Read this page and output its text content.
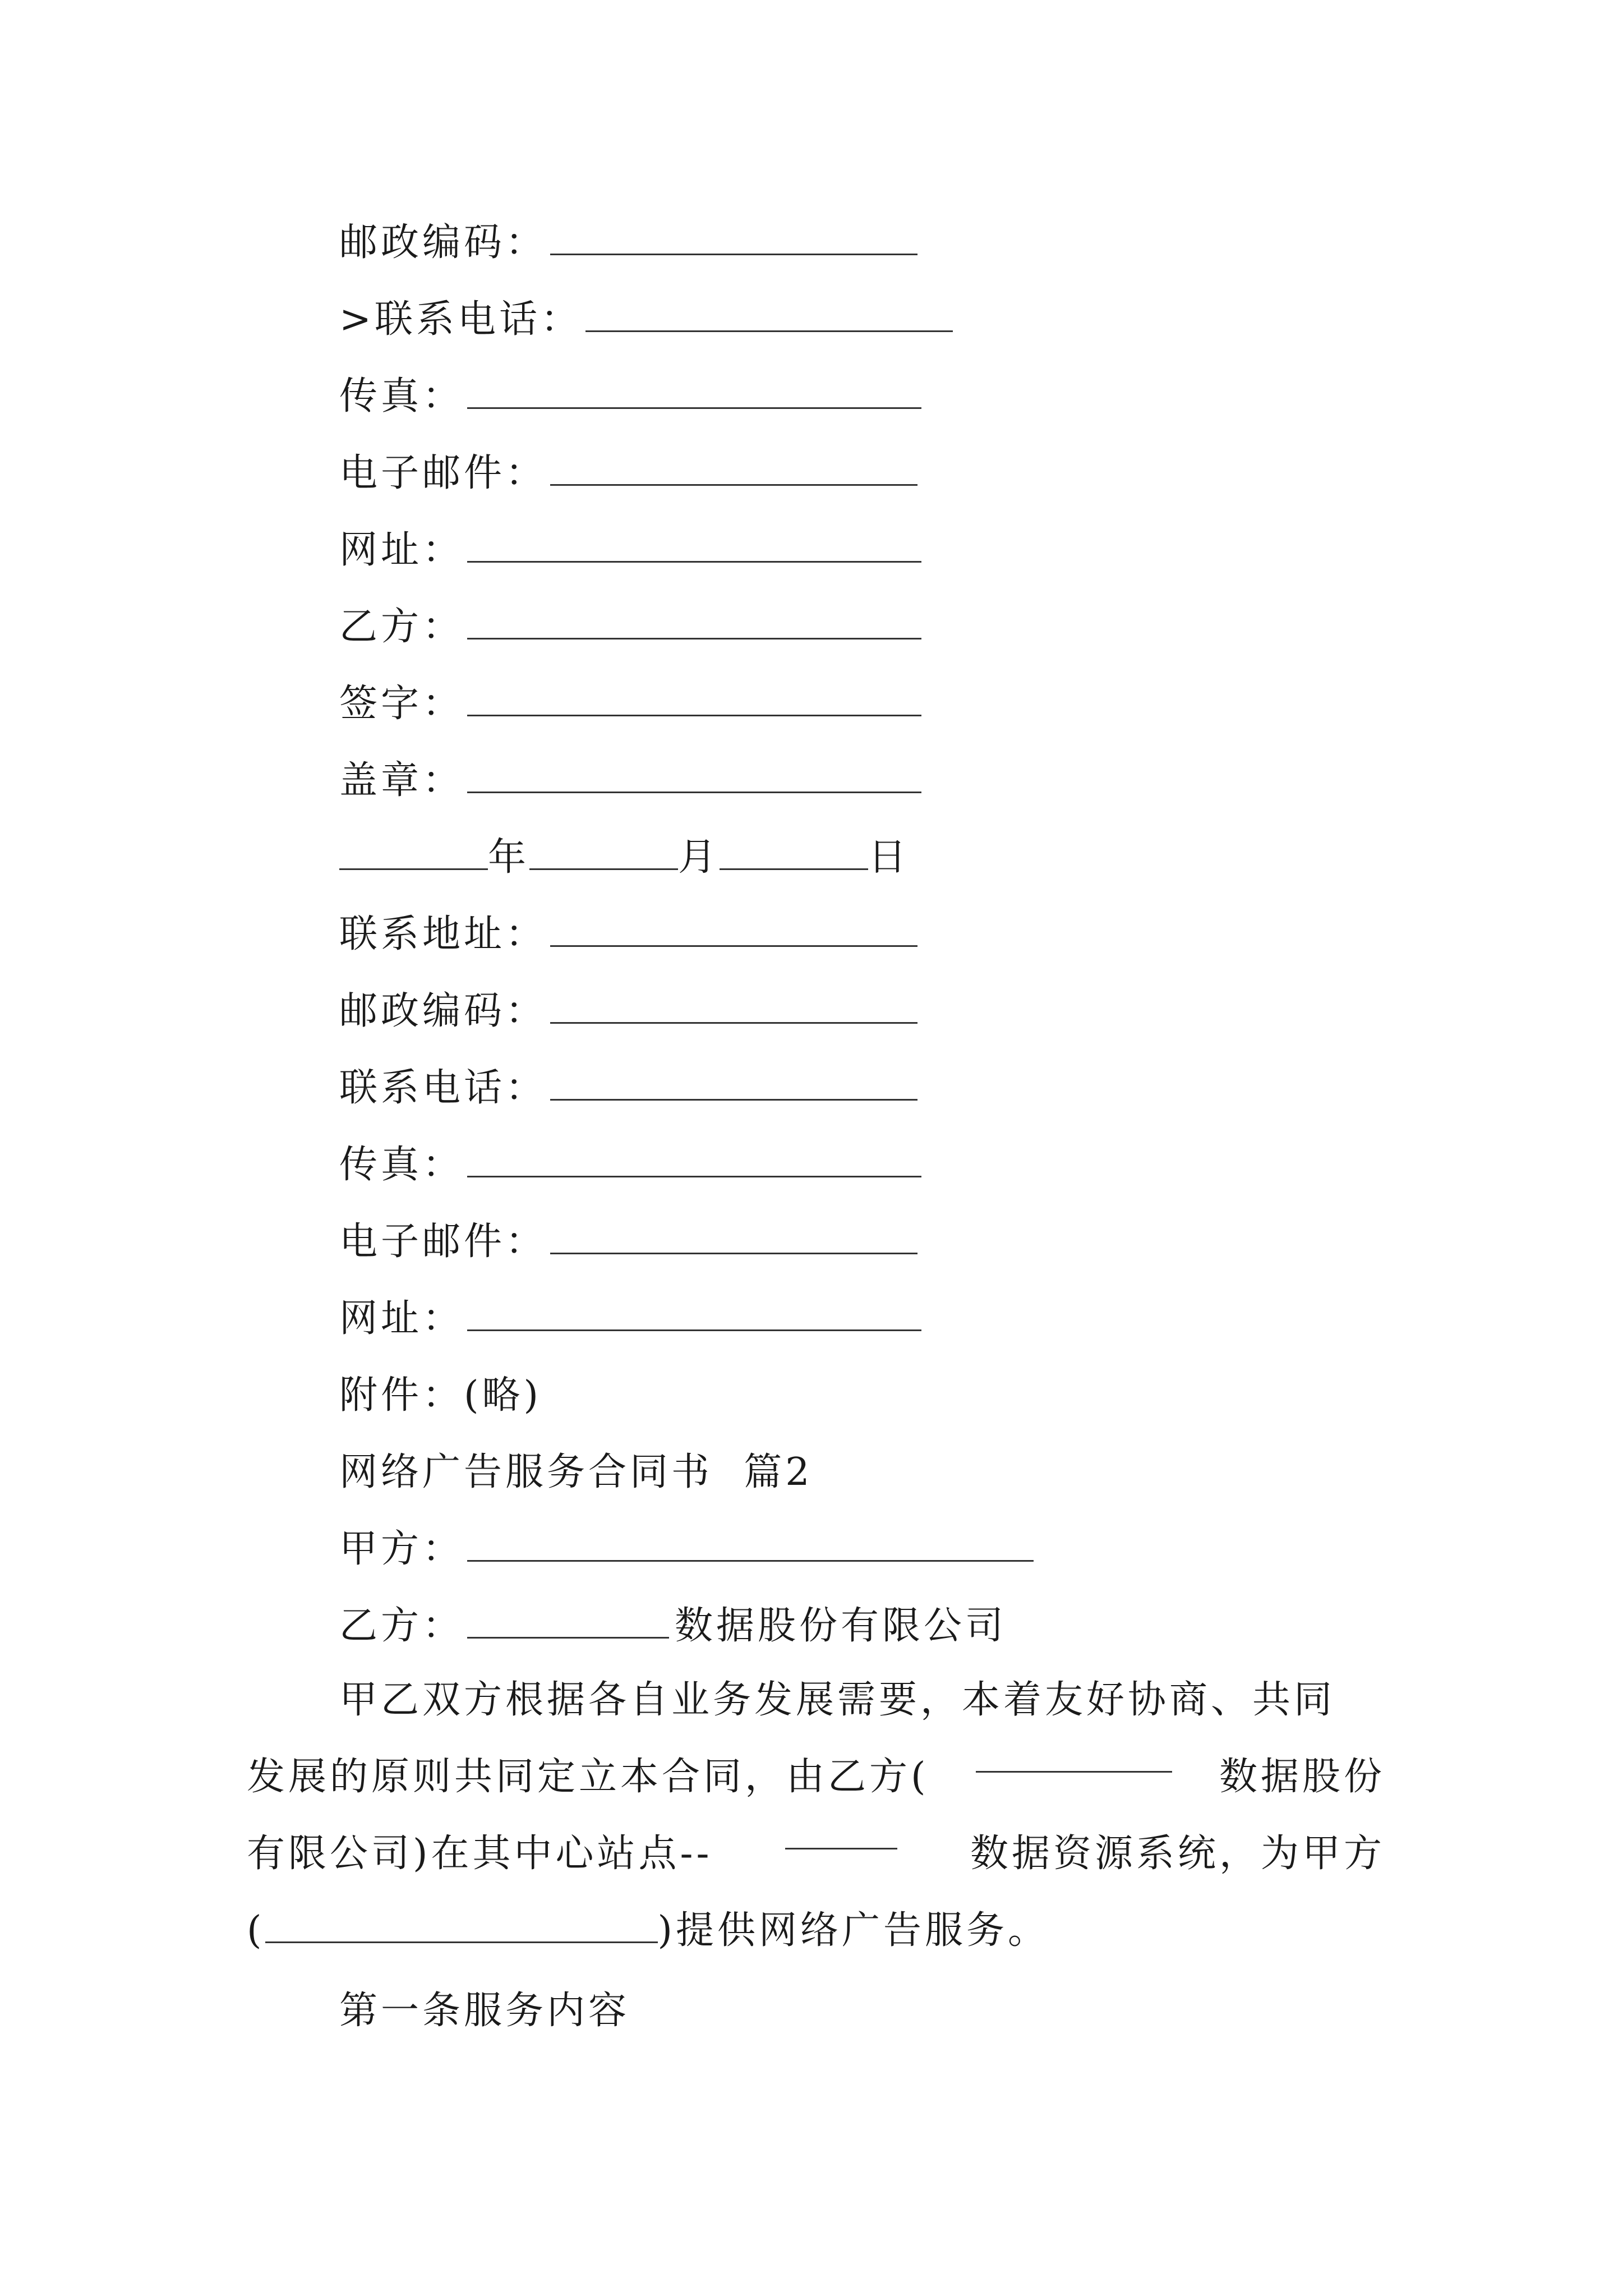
邮政编码：
>联系电话：
传真：
电子邮件：
网址：
乙方：
签字：
盖章：
年	月	日
联系地址：
邮政编码：
联系电话：
传真：
电子邮件：
网址：
附件：(略)
网络广告服务合同书  篇2
甲方：
乙方：	数据股份有限公司
甲乙双方根据各自业务发展需要，本着友好协商、共同
发展的原则共同定立本合同，由乙方(	数据股份
有限公司)在其中心站点--	数据资源系统，为甲方
(	)提供网络广告服务。
第一条服务内容
